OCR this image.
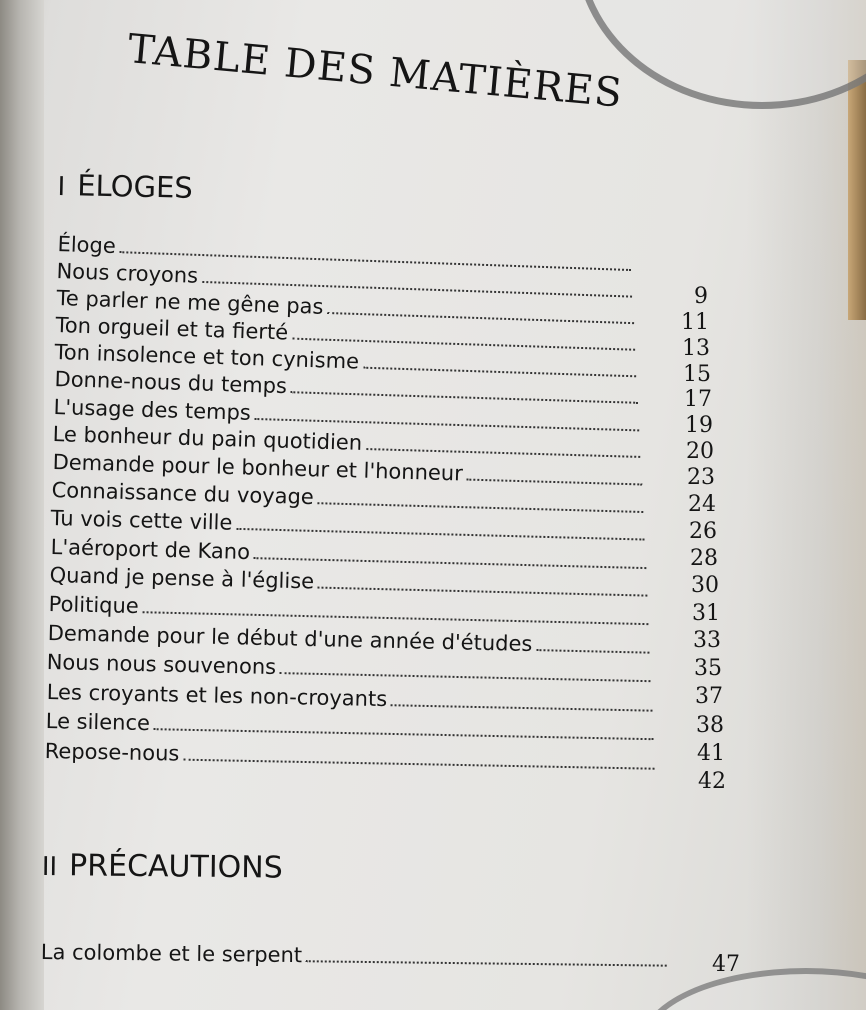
TABLE DES MATIÈRES
I ÉLOGES
Éloge
Nous croyons
Te parler ne me gêne pas
Ton orgueil et ta fierté
Ton insolence et ton cynisme
Donne-nous du temps
L'usage des temps
Le bonheur du pain quotidien
Demande pour le bonheur et l'honneur
Connaissance du voyage
Tu vois cette ville
L'aéroport de Kano
Quand je pense à l'église
Politique
Demande pour le début d'une année d'études
Nous nous souvenons
Les croyants et les non-croyants
Le silence
Repose-nous
9
11
13
15
17
19
20
23
24
26
28
30
31
33
35
37
38
41
42
II PRÉCAUTIONS
La colombe et le serpent	47
